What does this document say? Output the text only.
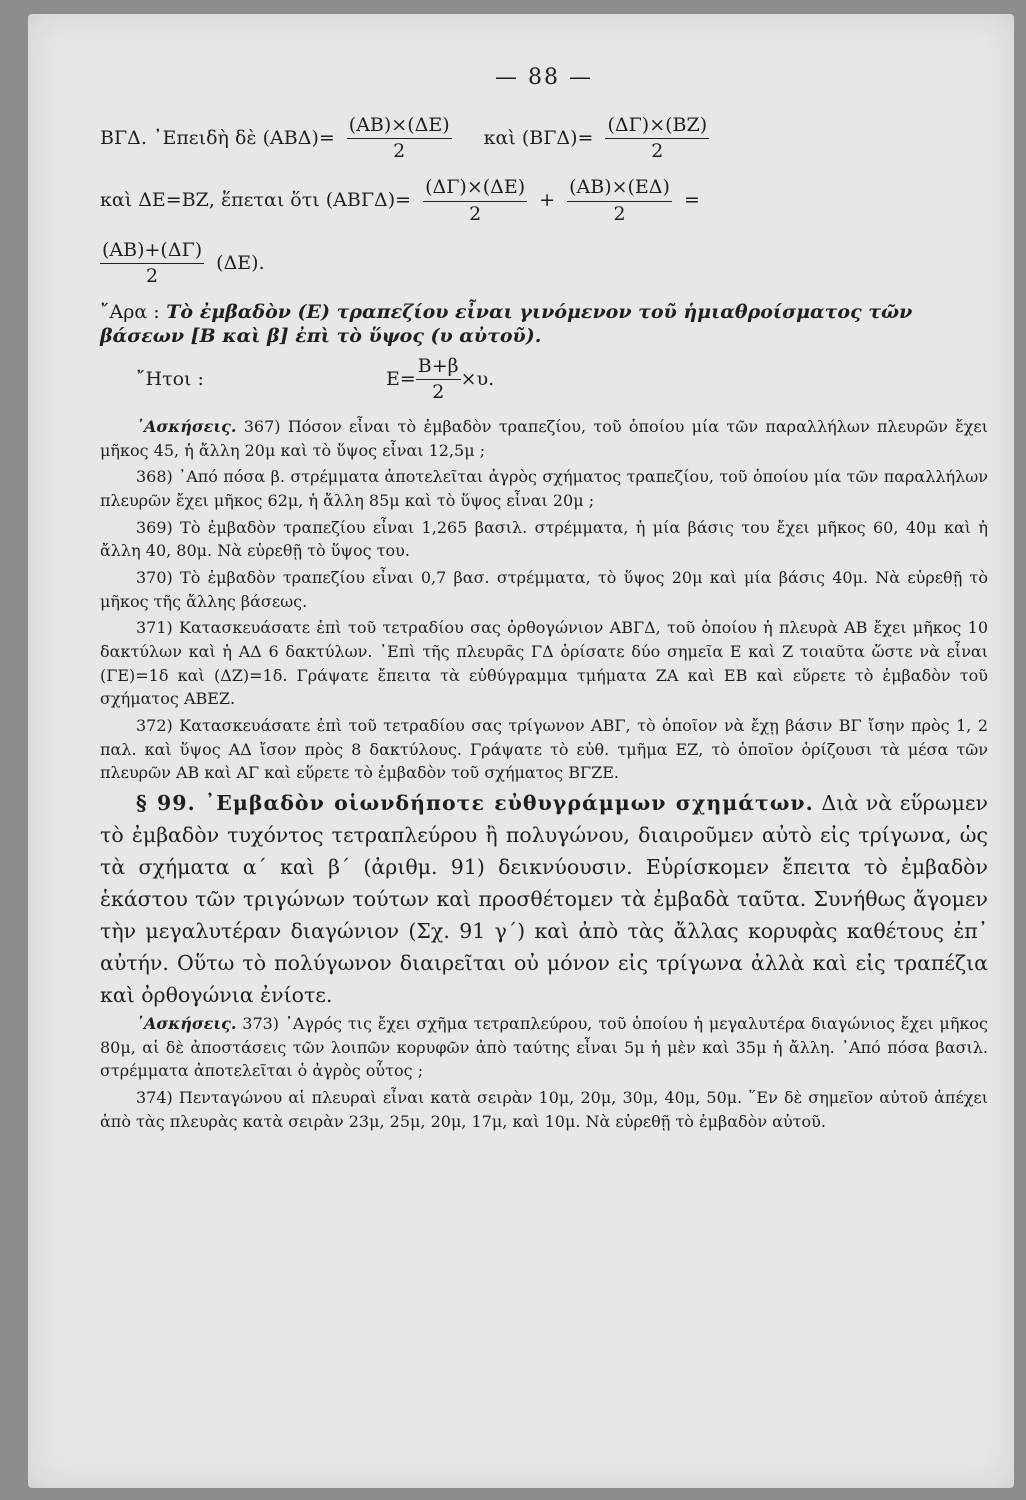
— 88 —
ΒΓΔ. ᾿Επειδὴ δὲ $(AB\Delta)= \frac{(AB)\times(\Delta E)}{2}$ καὶ $(B\Gamma\Delta)= \frac{(\Delta\Gamma)\times(BZ)}{2}$
καὶ ΔΕ=ΒΖ, ἕπεται ὅτι $(AB\Gamma\Delta)= \frac{(\Delta\Gamma)\times(\Delta E)}{2} + \frac{(AB)\times(E\Delta)}{2}$ =
$\frac{(AB)+(\Delta\Gamma)}{2} (\Delta E)$.
῎Αρα : Τὸ ἐμβαδὸν (Ε) τραπεζίου εἶναι γινόμενον τοῦ ἡμιαθροίσματος τῶν βάσεων [Β καὶ β] ἐπὶ τὸ ὕψος (υ αὐτοῦ).
῎Ητοι :	$E= \frac{B+\beta}{2} \times\upsilon$.

᾿Ασκήσεις. 367) Πόσον εἶναι τὸ ἐμβαδὸν τραπεζίου, τοῦ ὁποίου μία τῶν παραλλήλων πλευρῶν ἔχει μῆκος 45, ἡ ἄλλη 20μ καὶ τὸ ὕψος εἶναι 12,5μ ;

368) ᾿Από πόσα β. στρέμματα ἀποτελεῖται ἀγρὸς σχήματος τραπεζίου, τοῦ ὁποίου μία τῶν παραλλήλων πλευρῶν ἔχει μῆκος 62μ, ἡ ἄλλη 85μ καὶ τὸ ὕψος εἶναι 20μ ;

369) Τὸ ἐμβαδὸν τραπεζίου εἶναι 1,265 βασιλ. στρέμματα, ἡ μία βάσις του ἔχει μῆκος 60, 40μ καὶ ἡ ἄλλη 40, 80μ. Νὰ εὑρεθῇ τὸ ὕψος του.

370) Τὸ ἐμβαδὸν τραπεζίου εἶναι 0,7 βασ. στρέμματα, τὸ ὕψος 20μ καὶ μία βάσις 40μ. Νὰ εὑρεθῇ τὸ μῆκος τῆς ἄλλης βάσεως.

371) Κατασκευάσατε ἐπὶ τοῦ τετραδίου σας ὀρθογώνιον ΑΒΓΔ, τοῦ ὁποίου ἡ πλευρὰ ΑΒ ἔχει μῆκος 10 δακτύλων καὶ ἡ ΑΔ 6 δακτύλων. ᾿Επὶ τῆς πλευρᾶς ΓΔ ὁρίσατε δύο σημεῖα Ε καὶ Ζ τοιαῦτα ὥστε νὰ εἶναι (ΓΕ)=1δ καὶ (ΔΖ)=1δ. Γράψατε ἔπειτα τὰ εὐθύγραμμα τμήματα ΖΑ καὶ ΕΒ καὶ εὕρετε τὸ ἐμβαδὸν τοῦ σχήματος ΑΒΕΖ.

372) Κατασκευάσατε ἐπὶ τοῦ τετραδίου σας τρίγωνον ΑΒΓ, τὸ ὁποῖον νὰ ἔχῃ βάσιν ΒΓ ἴσην πρὸς 1, 2 παλ. καὶ ὕψος ΑΔ ἴσον πρὸς 8 δακτύλους. Γράψατε τὸ εὐθ. τμῆμα ΕΖ, τὸ ὁποῖον ὁρίζουσι τὰ μέσα τῶν πλευρῶν ΑΒ καὶ ΑΓ καὶ εὕρετε τὸ ἐμβαδὸν τοῦ σχήματος ΒΓΖΕ.

§ 99. ᾿Εμβαδὸν οἱωνδήποτε εὐθυγράμμων σχημάτων. Διὰ νὰ εὕρωμεν τὸ ἐμβαδὸν τυχόντος τετραπλεύρου ἢ πολυγώνου, διαιροῦμεν αὐτὸ εἰς τρίγωνα, ὡς τὰ σχήματα α΄ καὶ β΄ (ἀριθμ. 91) δεικνύουσιν. Εὑρίσκομεν ἔπειτα τὸ ἐμβαδὸν ἑκάστου τῶν τριγώνων τούτων καὶ προσθέτομεν τὰ ἐμβαδὰ ταῦτα. Συνήθως ἄγομεν τὴν μεγαλυτέραν διαγώνιον (Σχ. 91 γ΄) καὶ ἀπὸ τὰς ἄλλας κορυφὰς καθέτους ἐπ᾿ αὐτήν. Οὕτω τὸ πολύγωνον διαιρεῖται οὐ μόνον εἰς τρίγωνα ἀλλὰ καὶ εἰς τραπέζια καὶ ὀρθογώνια ἐνίοτε.

᾿Ασκήσεις. 373) ᾿Αγρός τις ἔχει σχῆμα τετραπλεύρου, τοῦ ὁποίου ἡ μεγαλυτέρα διαγώνιος ἔχει μῆκος 80μ, αἱ δὲ ἀποστάσεις τῶν λοιπῶν κορυφῶν ἀπὸ ταύτης εἶναι 5μ ἡ μὲν καὶ 35μ ἡ ἄλλη. ᾿Από πόσα βασιλ. στρέμματα ἀποτελεῖται ὁ ἀγρὸς οὗτος ;

374) Πενταγώνου αἱ πλευραὶ εἶναι κατὰ σειρὰν 10μ, 20μ, 30μ, 40μ, 50μ. ῞Εν δὲ σημεῖον αὐτοῦ ἀπέχει ἀπὸ τὰς πλευρὰς κατὰ σειρὰν 23μ, 25μ, 20μ, 17μ, καὶ 10μ. Νὰ εὑρεθῇ τὸ ἐμβαδὸν αὐτοῦ.
